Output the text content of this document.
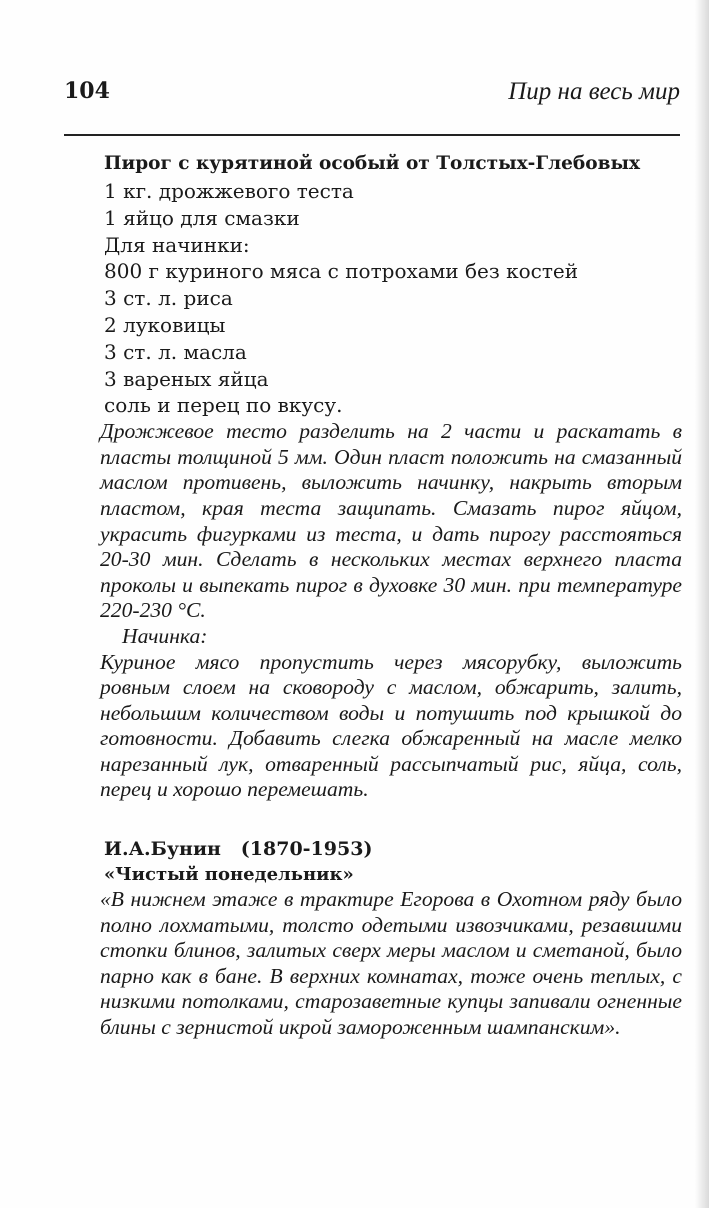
104	Пир на весь мир
Пирог с курятиной особый от Толстых-Глебовых
1 кг. дрожжевого теста
1 яйцо для смазки
Для начинки:
800 г куриного мяса с потрохами без костей
3 ст. л. риса
2 луковицы
3 ст. л. масла
3 вареных яйца
соль и перец по вкусу.

Дрожжевое тесто разделить на 2 части и раскатать в пласты толщиной 5 мм. Один пласт положить на смазанный маслом противень, выложить начинку, накрыть вторым пластом, края теста защипать. Смазать пирог яйцом, украсить фигурками из теста, и дать пирогу расстояться 20-30 мин. Сделать в нескольких местах верхнего пласта проколы и выпекать пирог в духовке 30 мин. при температуре 220-230 °С.

Начинка:

Куриное мясо пропустить через мясорубку, выложить ровным слоем на сковороду с маслом, обжарить, залить, небольшим количеством воды и потушить под крышкой до готовности. Добавить слегка обжаренный на масле мелко нарезанный лук, отваренный рассыпчатый рис, яйца, соль, перец и хорошо перемешать.

И.А.Бунин   (1870-1953)
«Чистый понедельник»

«В нижнем этаже в трактире Егорова в Охотном ряду было полно лохматыми, толсто одетыми извозчиками, резавшими стопки блинов, залитых сверх меры маслом и сметаной, было парно как в бане. В верхних комнатах, тоже очень теплых, с низкими потолками, старозаветные купцы запивали огненные блины с зернистой икрой замороженным шампанским».
